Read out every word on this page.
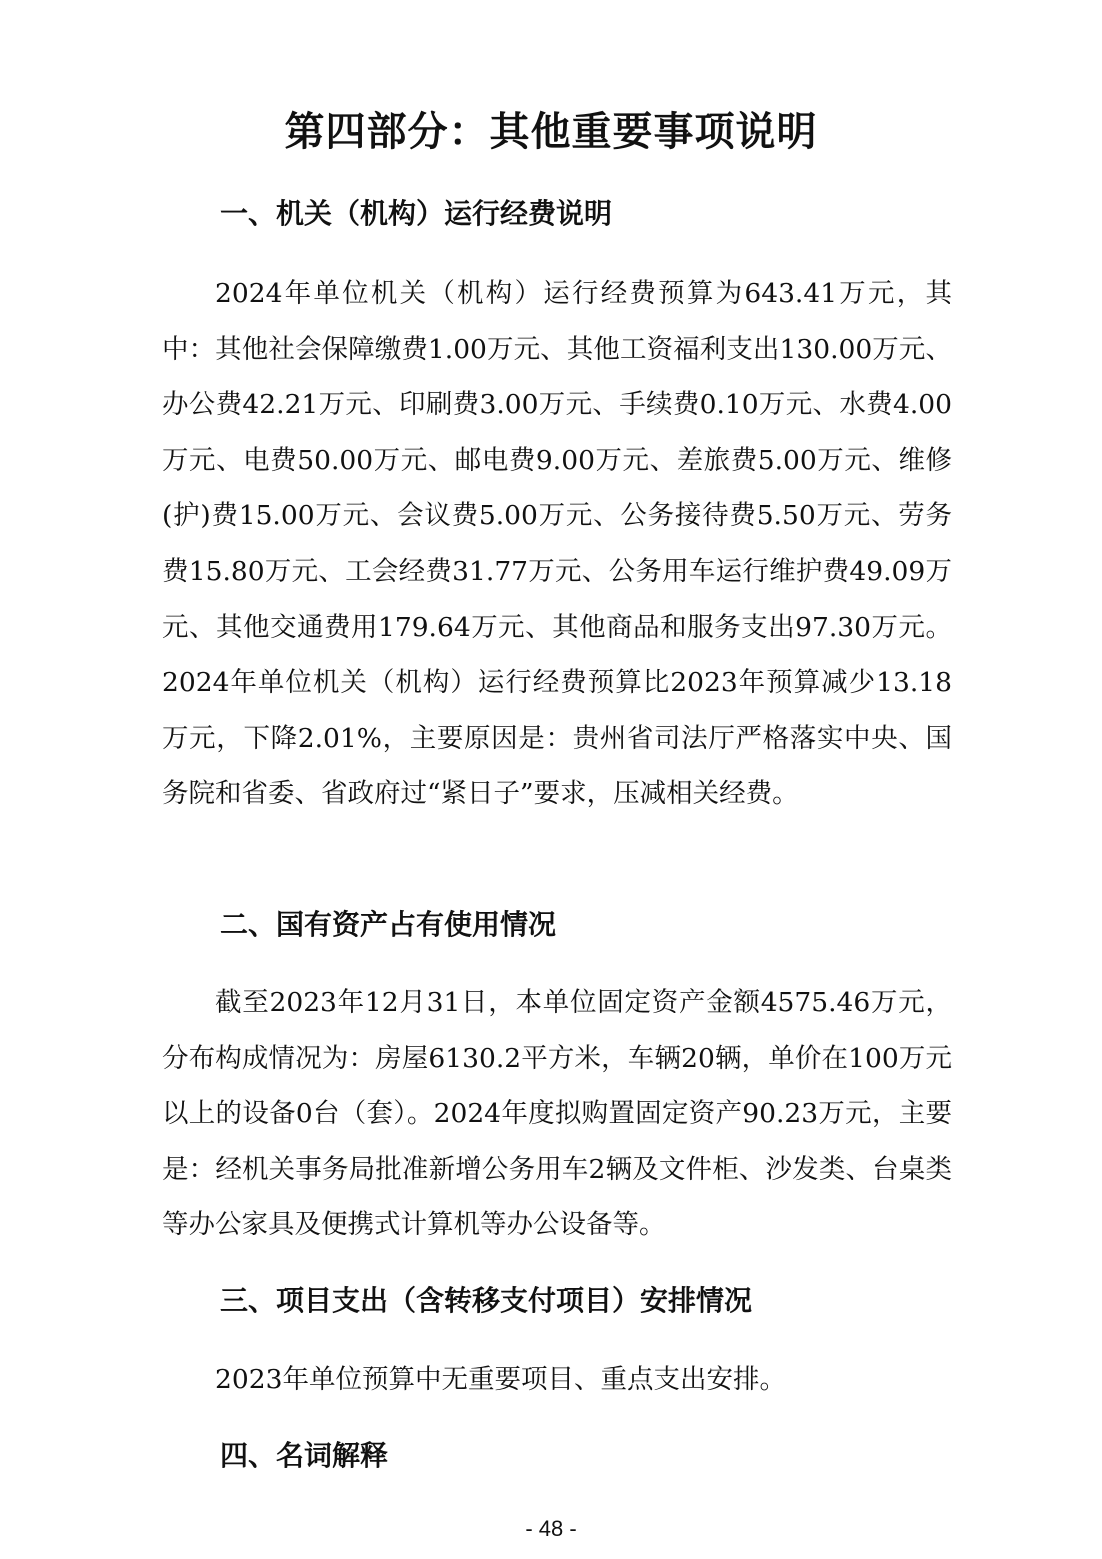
第四部分：其他重要事项说明
一、机关（机构）运行经费说明

2024年单位机关（机构）运行经费预算为643.41万元，其中：其他社会保障缴费1.00万元、其他工资福利支出130.00万元、办公费42.21万元、印刷费3.00万元、手续费0.10万元、水费4.00万元、电费50.00万元、邮电费9.00万元、差旅费5.00万元、维修(护)费15.00万元、会议费5.00万元、公务接待费5.50万元、劳务费15.80万元、工会经费31.77万元、公务用车运行维护费49.09万元、其他交通费用179.64万元、其他商品和服务支出97.30万元。2024年单位机关（机构）运行经费预算比2023年预算减少13.18万元，下降2.01%，主要原因是：贵州省司法厅严格落实中央、国务院和省委、省政府过“紧日子”要求，压减相关经费。

二、国有资产占有使用情况

截至2023年12月31日，本单位固定资产金额4575.46万元，分布构成情况为：房屋6130.2平方米，车辆20辆，单价在100万元以上的设备0台（套）。2024年度拟购置固定资产90.23万元，主要是：经机关事务局批准新增公务用车2辆及文件柜、沙发类、台桌类等办公家具及便携式计算机等办公设备等。

三、项目支出（含转移支付项目）安排情况

2023年单位预算中无重要项目、重点支出安排。

四、名词解释
- 48 -
